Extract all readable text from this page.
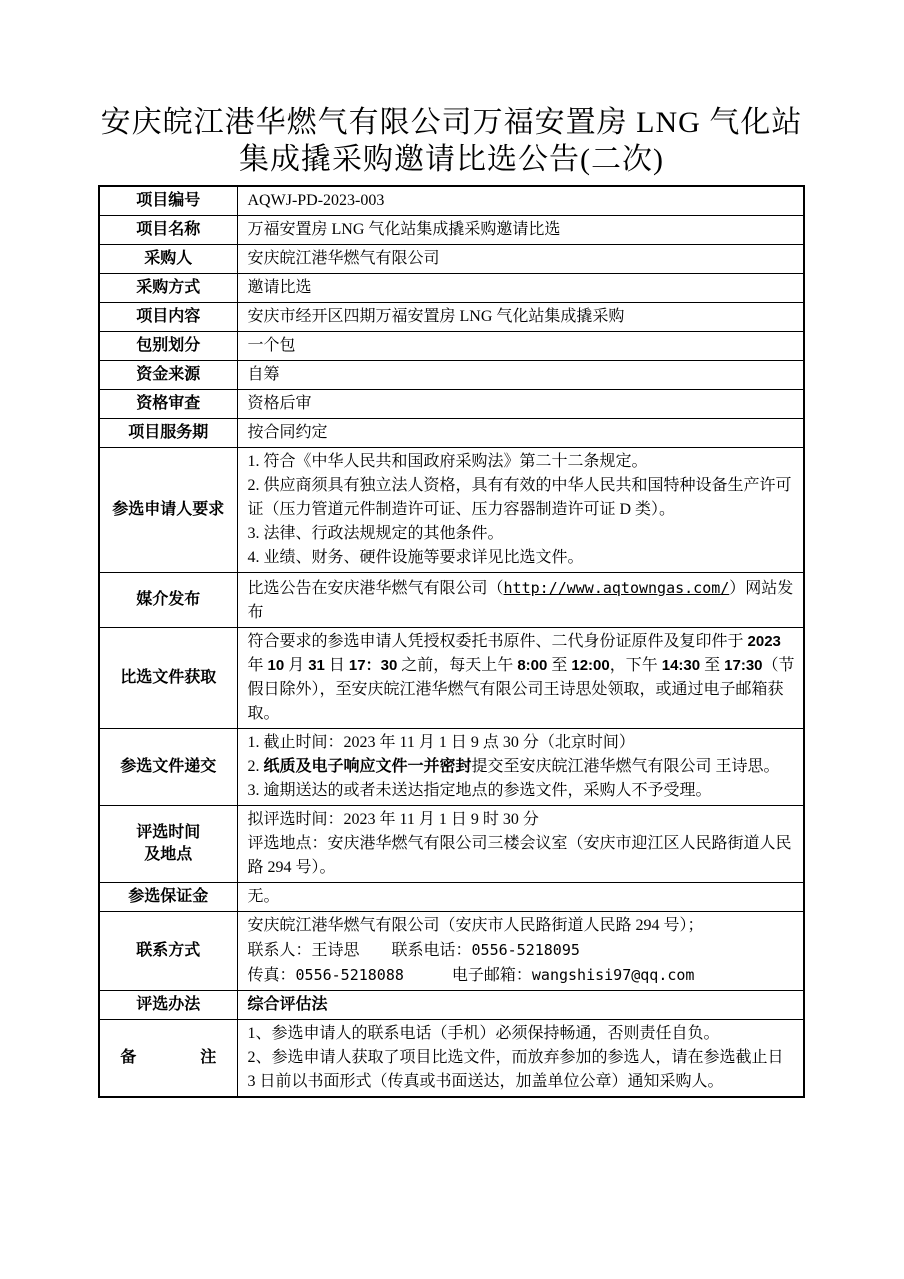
安庆皖江港华燃气有限公司万福安置房 LNG 气化站
集成撬采购邀请比选公告(二次)
项目编号	AQWJ-PD-2023-003
项目名称	万福安置房 LNG 气化站集成撬采购邀请比选
采购人	安庆皖江港华燃气有限公司
采购方式	邀请比选
项目内容	安庆市经开区四期万福安置房 LNG 气化站集成撬采购
包别划分	一个包
资金来源	自筹
资格审查	资格后审
项目服务期	按合同约定
参选申请人要求	1. 符合《中华人民共和国政府采购法》第二十二条规定。
2. 供应商须具有独立法人资格，具有有效的中华人民共和国特种设备生产许可证（压力管道元件制造许可证、压力容器制造许可证 D 类）。
3. 法律、行政法规规定的其他条件。
4. 业绩、财务、硬件设施等要求详见比选文件。

媒介发布	比选公告在安庆港华燃气有限公司（http://www.aqtowngas.com/）网站发布

比选文件获取	符合要求的参选申请人凭授权委托书原件、二代身份证原件及复印件于 2023 年 10 月 31 日 17：30 之前，每天上午 8:00 至 12:00，下午 14:30 至 17:30（节假日除外），至安庆皖江港华燃气有限公司王诗思处领取，或通过电子邮箱获取。

参选文件递交	1. 截止时间：2023 年 11 月 1 日 9 点 30 分（北京时间）
2. 纸质及电子响应文件一并密封提交至安庆皖江港华燃气有限公司 王诗思。
3. 逾期送达的或者未送达指定地点的参选文件，采购人不予受理。

评选时间
及地点

拟评选时间：2023 年 11 月 1 日 9 时 30 分
评选地点：安庆港华燃气有限公司三楼会议室（安庆市迎江区人民路街道人民路 294 号）。

参选保证金	无。
联系方式	安庆皖江港华燃气有限公司（安庆市人民路街道人民路 294 号）；
联系人：王诗思　　联系电话：0556-5218095
传真：0556-5218088　　　电子邮箱：wangshisi97@qq.com

评选办法	综合评估法
备　　　　注	1、参选申请人的联系电话（手机）必须保持畅通，否则责任自负。
2、参选申请人获取了项目比选文件，而放弃参加的参选人，请在参选截止日 3 日前以书面形式（传真或书面送达，加盖单位公章）通知采购人。
